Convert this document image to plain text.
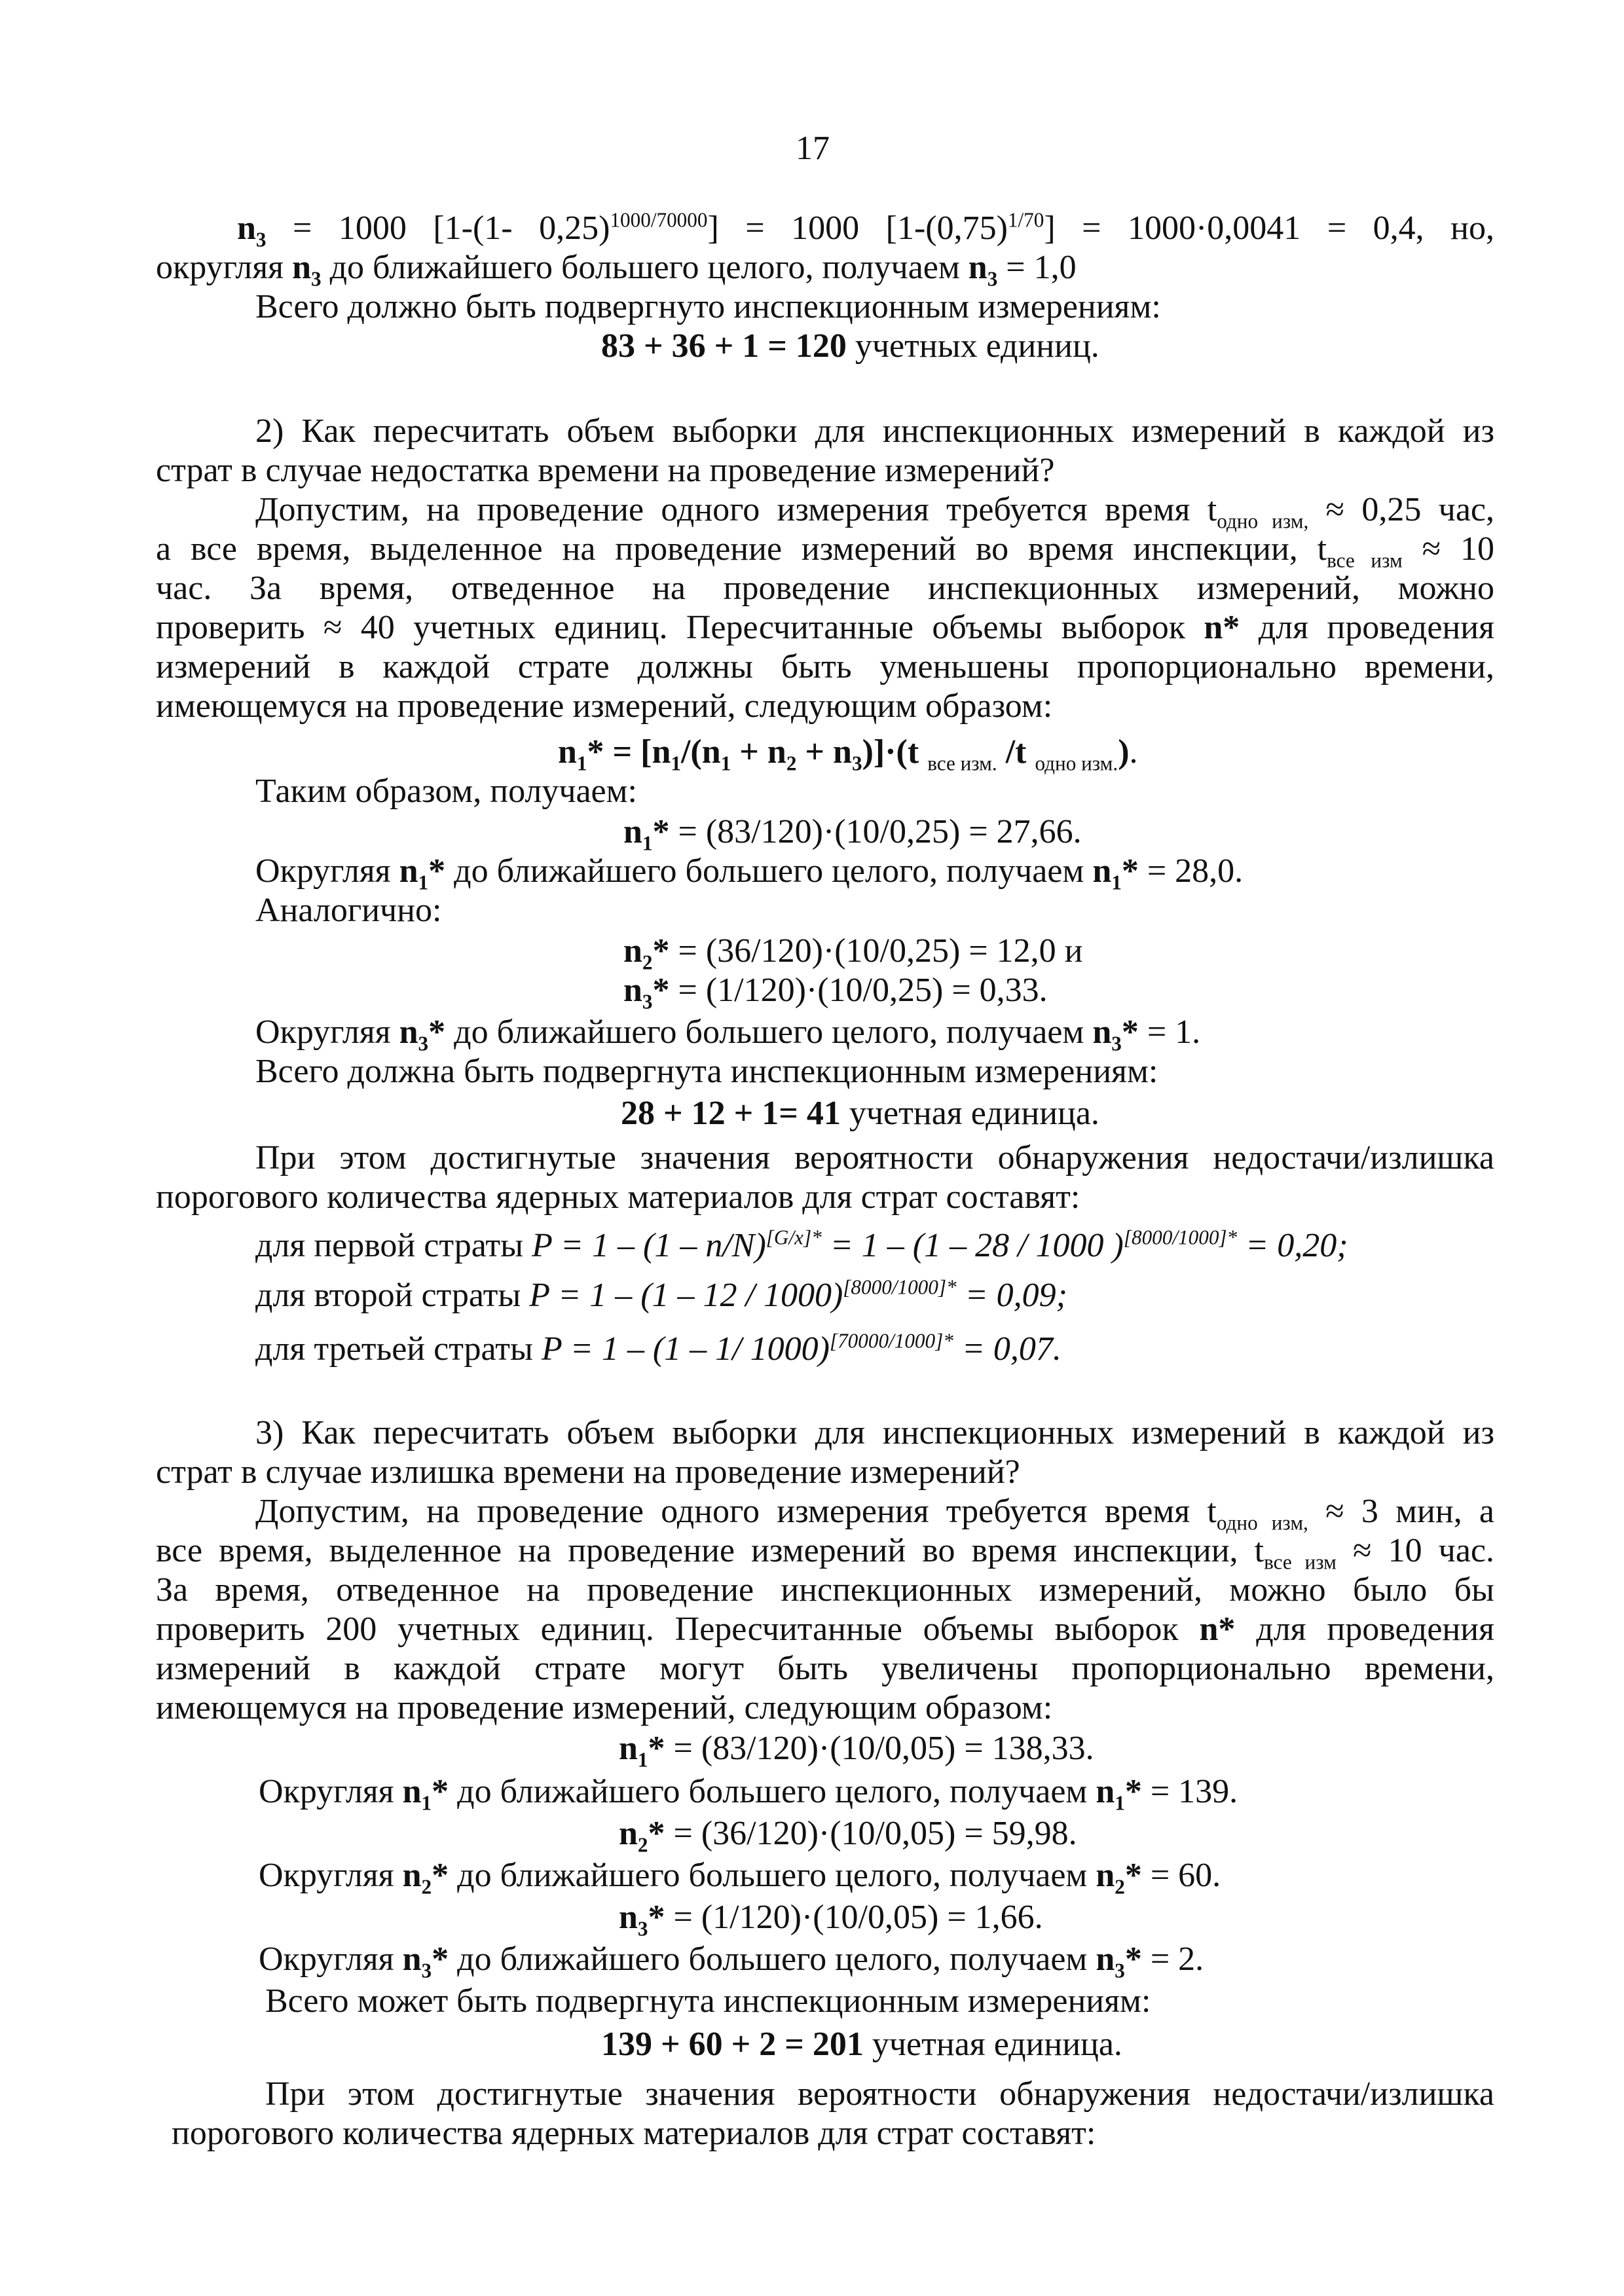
17
$n_3 = 1000$ [1-(1- 0,25)$^{1000/70000}$] = 1000 $[1-(0,75)^{1/70}] = 1000\cdot 0,0041 = 0,4$, но,
округляя $n_3$ до ближайшего большего целого, получаем $n_3 = 1,0$
Всего должно быть подвергнуто инспекционным измерениям:
83 + 36 + 1 = 120 учетных единиц.
2) Как пересчитать объем выборки для инспекционных измерений в каждой из
страт в случае недостатка времени на проведение измерений?
Допустим, на проведение одного измерения требуется время $t_{одно изм,} \approx 0,25$ час,
а все время, выделенное на проведение измерений во время инспекции, $t_{все изм} \approx 10$
час. За время, отведенное на проведение инспекционных измерений, можно
проверить ≈ 40 учетных единиц. Пересчитанные объемы выборок n* для проведения
измерений в каждой страте должны быть уменьшены пропорционально времени,
имеющемуся на проведение измерений, следующим образом:
$n_1* = [n_1/(n_1 + n_2 + n_3)]\cdot(t$ $_{все изм.}$ /t $_{одно изм.}$).
Таким образом, получаем:
$n_1* = (83/120)\cdot(10/0,25) = 27,66$.
Округляя $n_1*$ до ближайшего большего целого, получаем $n_1* = 28,0$.
Аналогично:
$n_2* = (36/120)\cdot(10/0,25) = 12,0$ и
$n_3* = (1/120)\cdot(10/0,25) = 0,33$.
Округляя $n_3*$ до ближайшего большего целого, получаем $n_3* = 1$.
Всего должна быть подвергнута инспекционным измерениям:
28 + 12 + 1= 41 учетная единица.
При этом достигнутые значения вероятности обнаружения недостачи/излишка
порогового количества ядерных материалов для страт составят:
для первой страты P = 1 – (1 – n/N)$^{[G/x]*}$ = 1 – (1 – 28 / 1000 )$^{[8000/1000]*}$ = 0,20;
для второй страты P = 1 – (1 – 12 / 1000)$^{[8000/1000]*}$ = 0,09;
для третьей страты P = 1 – (1 – 1/ 1000)$^{[70000/1000]*}$ = 0,07.
3) Как пересчитать объем выборки для инспекционных измерений в каждой из
страт в случае излишка времени на проведение измерений?
Допустим, на проведение одного измерения требуется время $t_{одно изм,} \approx 3$ мин, а
все время, выделенное на проведение измерений во время инспекции, $t_{все изм} \approx 10$ час.
За время, отведенное на проведение инспекционных измерений, можно было бы
проверить 200 учетных единиц. Пересчитанные объемы выборок n* для проведения
измерений в каждой страте могут быть увеличены пропорционально времени,
имеющемуся на проведение измерений, следующим образом:
$n_1* = (83/120)\cdot(10/0,05) = 138,33$.
Округляя $n_1*$ до ближайшего большего целого, получаем $n_1* = 139$.
$n_2* = (36/120)\cdot(10/0,05) = 59,98$.
Округляя $n_2*$ до ближайшего большего целого, получаем $n_2* = 60$.
$n_3* = (1/120)\cdot(10/0,05) = 1,66$.
Округляя $n_3*$ до ближайшего большего целого, получаем $n_3* = 2$.
Всего может быть подвергнута инспекционным измерениям:
139 + 60 + 2 = 201 учетная единица.
При этом достигнутые значения вероятности обнаружения недостачи/излишка
порогового количества ядерных материалов для страт составят:
